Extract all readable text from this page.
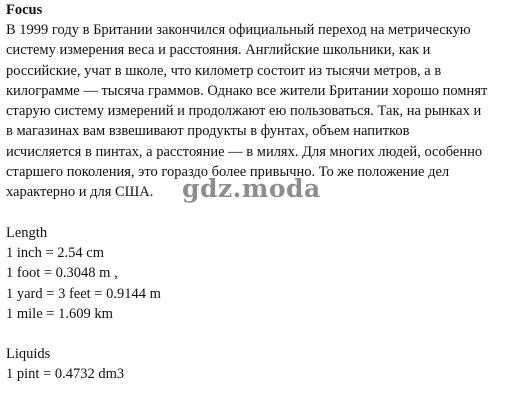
Focus

В 1999 году в Британии закончился официальный переход на метрическую
систему измерения веса и расстояния. Английские школьники, как и
российские, учат в школе, что километр состоит из тысячи метров, а в
килограмме — тысяча граммов. Однако все жители Британии хорошо помнят
старую систему измерений и продолжают ею пользоваться. Так, на рынках и
в магазинах вам взвешивают продукты в фунтах, объем напитков
исчисляется в пинтах, а расстояние — в милях. Для многих людей, особенно
старшего поколения, это гораздо более привычно. То же положение дел
характерно и для США.

Length
1 inch = 2.54 cm
1 foot = 0.3048 m ,
1 yard = 3 feet = 0.9144 m
1 mile = 1.609 km
Liquids
1 pint = 0.4732 dm3
gdz.moda
